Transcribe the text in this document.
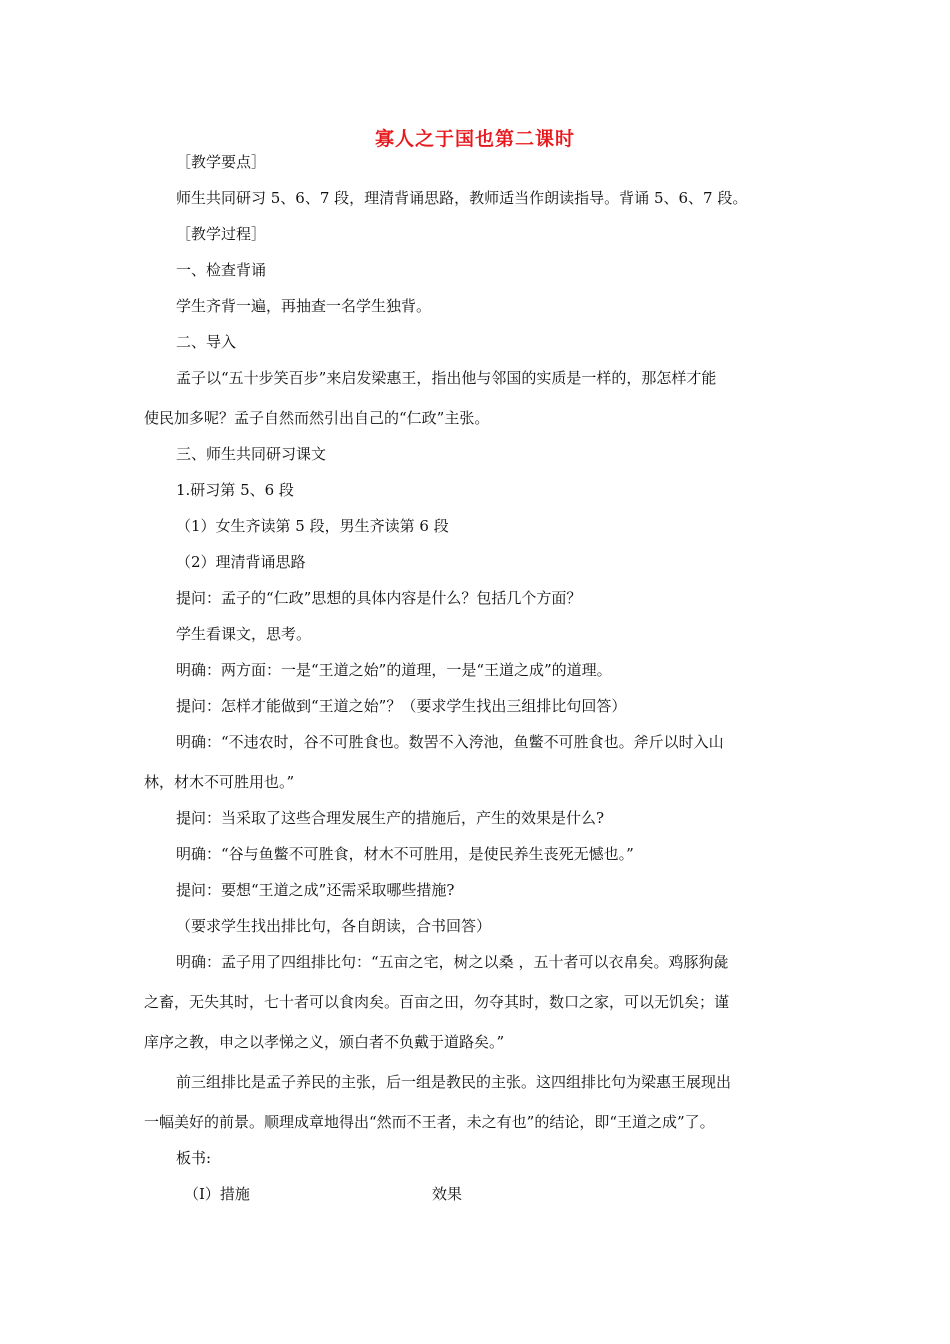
寡人之于国也第二课时
［教学要点］
师生共同研习 5、6、7 段，理清背诵思路，教师适当作朗读指导。背诵 5、6、7 段。
［教学过程］
一、检查背诵
学生齐背一遍，再抽查一名学生独背。
二、导入
孟子以“五十步笑百步”来启发梁惠王，指出他与邻国的实质是一样的，那怎样才能
使民加多呢？孟子自然而然引出自己的“仁政”主张。
三、师生共同研习课文
1.研习第 5、6 段
（1）女生齐读第 5 段，男生齐读第 6 段
（2）理清背诵思路
提问：孟子的“仁政”思想的具体内容是什么？包括几个方面？
学生看课文，思考。
明确：两方面：一是“王道之始”的道理，一是“王道之成”的道理。
提问：怎样才能做到“王道之始”？（要求学生找出三组排比句回答）
明确：“不违农时，谷不可胜食也。数罟不入洿池，鱼鳖不可胜食也。斧斤以时入山
林，材木不可胜用也。”
提问：当采取了这些合理发展生产的措施后，产生的效果是什么?
明确：“谷与鱼鳖不可胜食，材木不可胜用，是使民养生丧死无憾也。”
提问：要想“王道之成”还需采取哪些措施?
（要求学生找出排比句，各自朗读，合书回答）
明确：孟子用了四组排比句：“五亩之宅，树之以桑 ，五十者可以衣帛矣。鸡豚狗彘
之畜，无失其时，七十者可以食肉矣。百亩之田，勿夺其时，数口之家，可以无饥矣；谨
庠序之教，申之以孝悌之义，颁白者不负戴于道路矣。”
前三组排比是孟子养民的主张，后一组是教民的主张。这四组排比句为梁惠王展现出
一幅美好的前景。顺理成章地得出“然而不王者，未之有也”的结论，即“王道之成”了。
板书:
（Ⅰ）措施	效果
